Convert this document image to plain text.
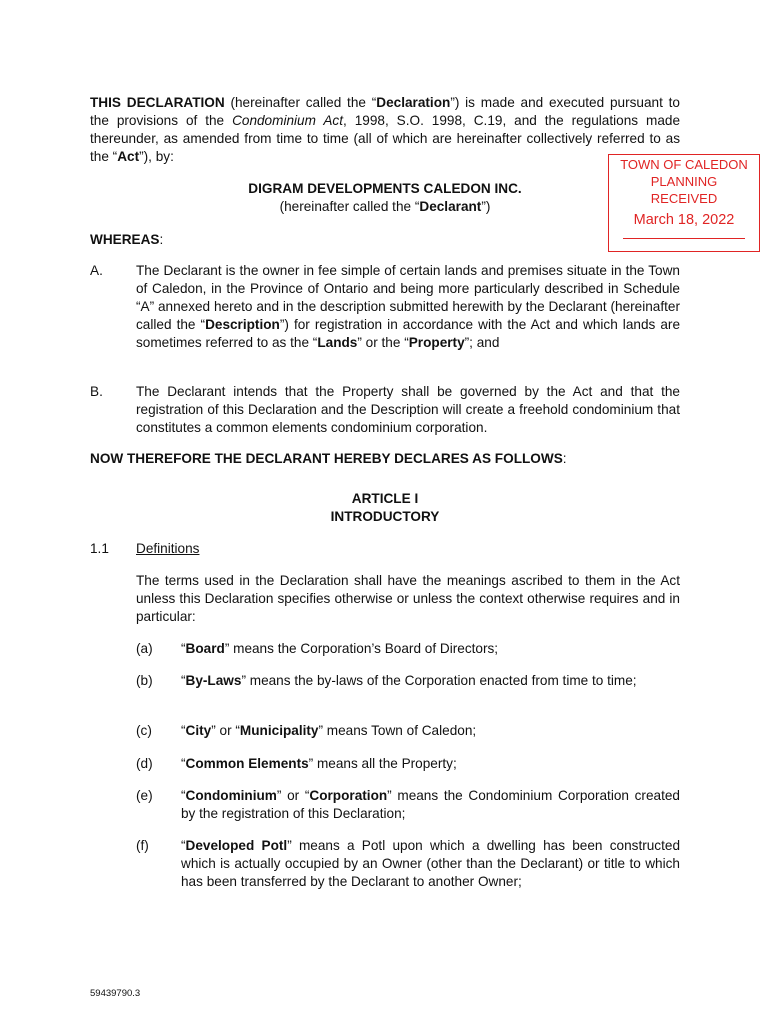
THIS DECLARATION (hereinafter called the “Declaration”) is made and executed pursuant to the provisions of the Condominium Act, 1998, S.O. 1998, C.19, and the regulations made thereunder, as amended from time to time (all of which are hereinafter collectively referred to as the “Act”), by:
TOWN OF CALEDON
PLANNING
RECEIVED
March 18, 2022
DIGRAM DEVELOPMENTS CALEDON INC.
(hereinafter called the “Declarant”)
WHEREAS:
A. The Declarant is the owner in fee simple of certain lands and premises situate in the Town of Caledon, in the Province of Ontario and being more particularly described in Schedule “A” annexed hereto and in the description submitted herewith by the Declarant (hereinafter called the “Description”) for registration in accordance with the Act and which lands are sometimes referred to as the “Lands” or the “Property”; and
B. The Declarant intends that the Property shall be governed by the Act and that the registration of this Declaration and the Description will create a freehold condominium that constitutes a common elements condominium corporation.
NOW THEREFORE THE DECLARANT HEREBY DECLARES AS FOLLOWS:
ARTICLE I
INTRODUCTORY
1.1 Definitions
The terms used in the Declaration shall have the meanings ascribed to them in the Act unless this Declaration specifies otherwise or unless the context otherwise requires and in particular:
(a) “Board” means the Corporation’s Board of Directors;
(b) “By-Laws” means the by-laws of the Corporation enacted from time to time;
(c) “City” or “Municipality” means Town of Caledon;
(d) “Common Elements” means all the Property;
(e) “Condominium” or “Corporation” means the Condominium Corporation created by the registration of this Declaration;
(f) “Developed Potl” means a Potl upon which a dwelling has been constructed which is actually occupied by an Owner (other than the Declarant) or title to which has been transferred by the Declarant to another Owner;
59439790.3
